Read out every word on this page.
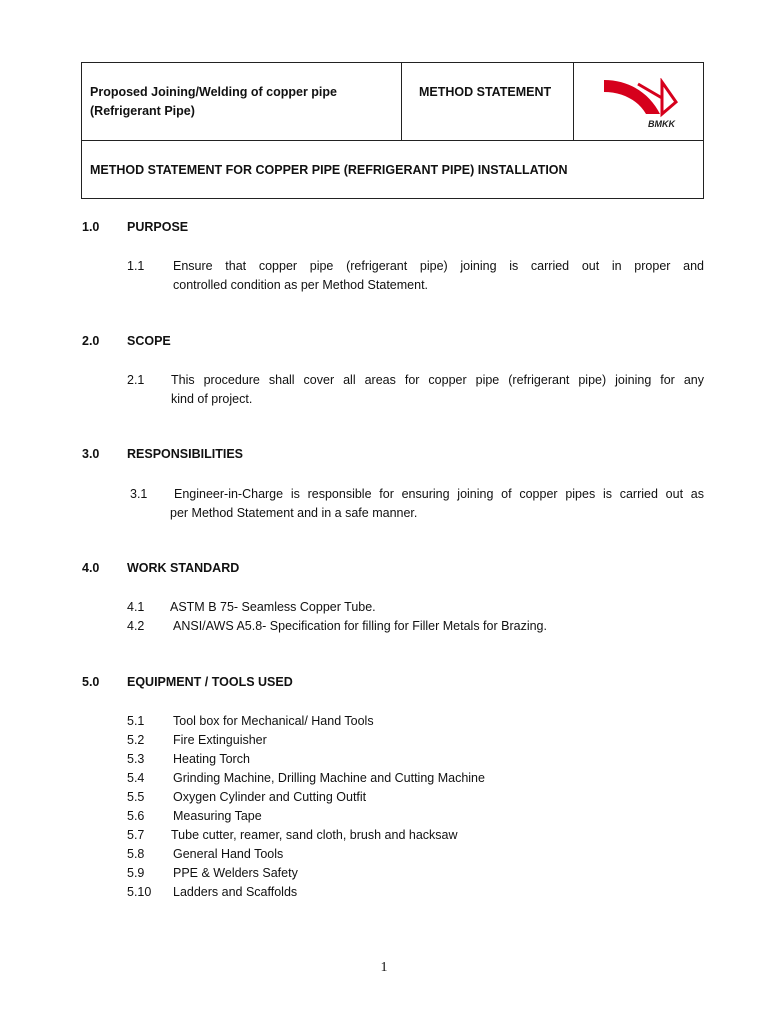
Proposed Joining/Welding of copper pipe
(Refrigerant Pipe)
METHOD STATEMENT
BMKK
METHOD STATEMENT FOR COPPER PIPE (REFRIGERANT PIPE) INSTALLATION
1.0 PURPOSE
1.1 Ensure that copper pipe (refrigerant pipe) joining is carried out in proper and
controlled condition as per Method Statement.
2.0 SCOPE
2.1 This procedure shall cover all areas for copper pipe (refrigerant pipe) joining for any
kind of project.
3.0 RESPONSIBILITIES
3.1 Engineer-in-Charge is responsible for ensuring joining of copper pipes is carried out as
per Method Statement and in a safe manner.
4.0 WORK STANDARD
4.1 ASTM B 75- Seamless Copper Tube.
4.2 ANSI/AWS A5.8- Specification for filling for Filler Metals for Brazing.
5.0 EQUIPMENT / TOOLS USED
5.1 Tool box for Mechanical/ Hand Tools
5.2 Fire Extinguisher
5.3 Heating Torch
5.4 Grinding Machine, Drilling Machine and Cutting Machine
5.5 Oxygen Cylinder and Cutting Outfit
5.6 Measuring Tape
5.7 Tube cutter, reamer, sand cloth, brush and hacksaw
5.8 General Hand Tools
5.9 PPE & Welders Safety
5.10 Ladders and Scaffolds
1
